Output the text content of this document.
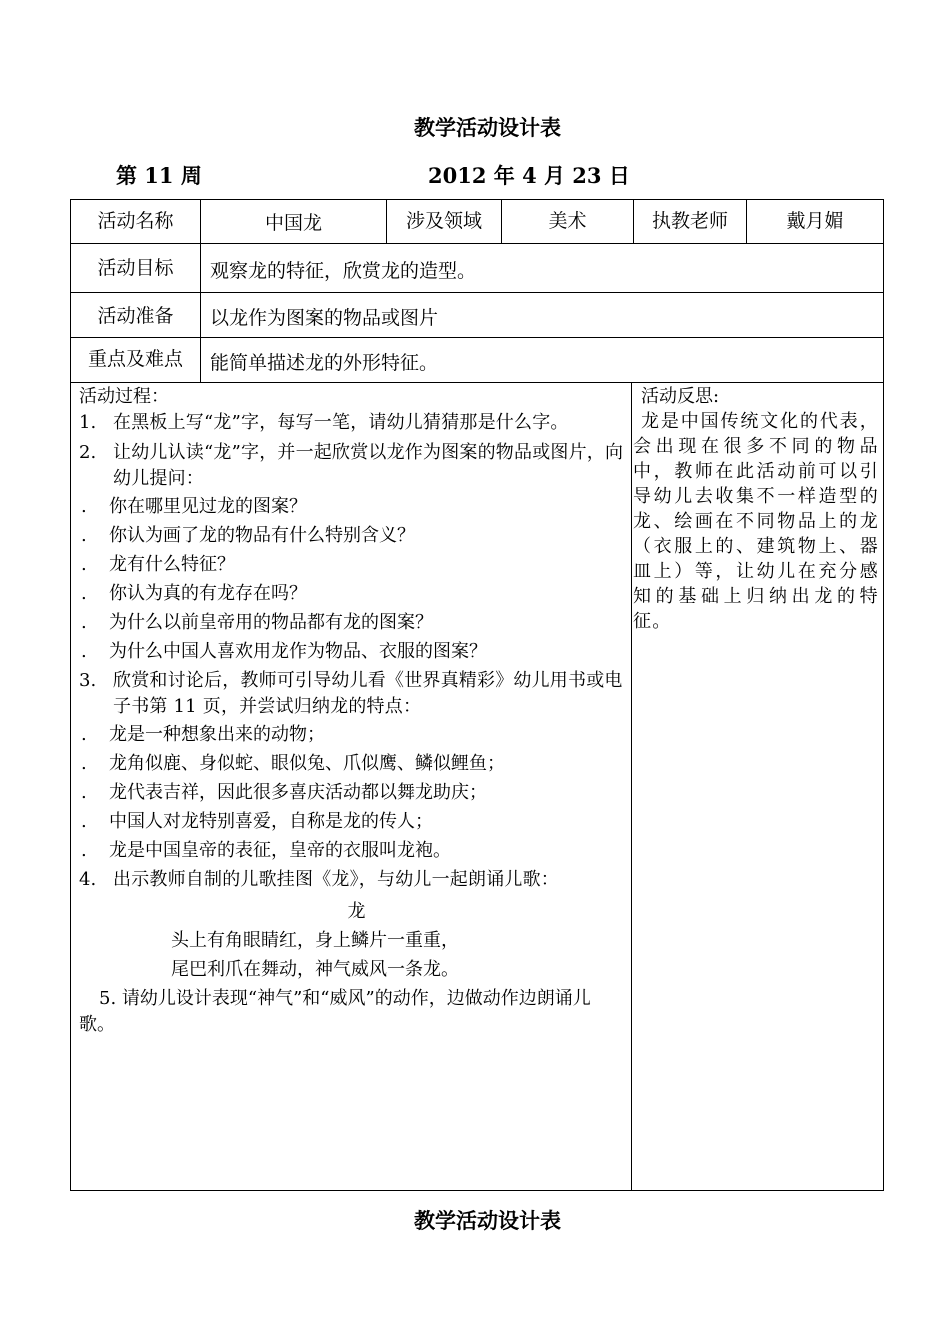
教学活动设计表
第 11 周	2012 年 4 月 23 日
活动名称	中国龙	涉及领域	美术	执教老师	戴月媚
活动目标	观察龙的特征，欣赏龙的造型。
活动准备	以龙作为图案的物品或图片
重点及难点	能简单描述龙的外形特征。
活动过程：
1. 在黑板上写“龙”字，每写一笔，请幼儿猜猜那是什么字。
2. 让幼儿认读“龙”字，并一起欣赏以龙作为图案的物品或图片，向幼儿提问：
. 你在哪里见过龙的图案？
. 你认为画了龙的物品有什么特别含义？
. 龙有什么特征？
. 你认为真的有龙存在吗？
. 为什么以前皇帝用的物品都有龙的图案？
. 为什么中国人喜欢用龙作为物品、衣服的图案？
3. 欣赏和讨论后，教师可引导幼儿看《世界真精彩》幼儿用书或电子书第 11 页，并尝试归纳龙的特点：
. 龙是一种想象出来的动物；
. 龙角似鹿、身似蛇、眼似兔、爪似鹰、鳞似鲤鱼；
. 龙代表吉祥，因此很多喜庆活动都以舞龙助庆；
. 中国人对龙特别喜爱，自称是龙的传人；
. 龙是中国皇帝的表征，皇帝的衣服叫龙袍。
4. 出示教师自制的儿歌挂图《龙》，与幼儿一起朗诵儿歌：
龙
头上有角眼睛红，身上鳞片一重重，
尾巴利爪在舞动，神气威风一条龙。
5. 请幼儿设计表现“神气”和“威风”的动作，边做动作边朗诵儿歌。
活动反思:
龙是中国传统文化的代表，会出现在很多不同的物品中，教师在此活动前可以引导幼儿去收集不一样造型的龙、绘画在不同物品上的龙（衣服上的、建筑物上、器皿上）等，让幼儿在充分感知的基础上归纳出龙的特征。
教学活动设计表
